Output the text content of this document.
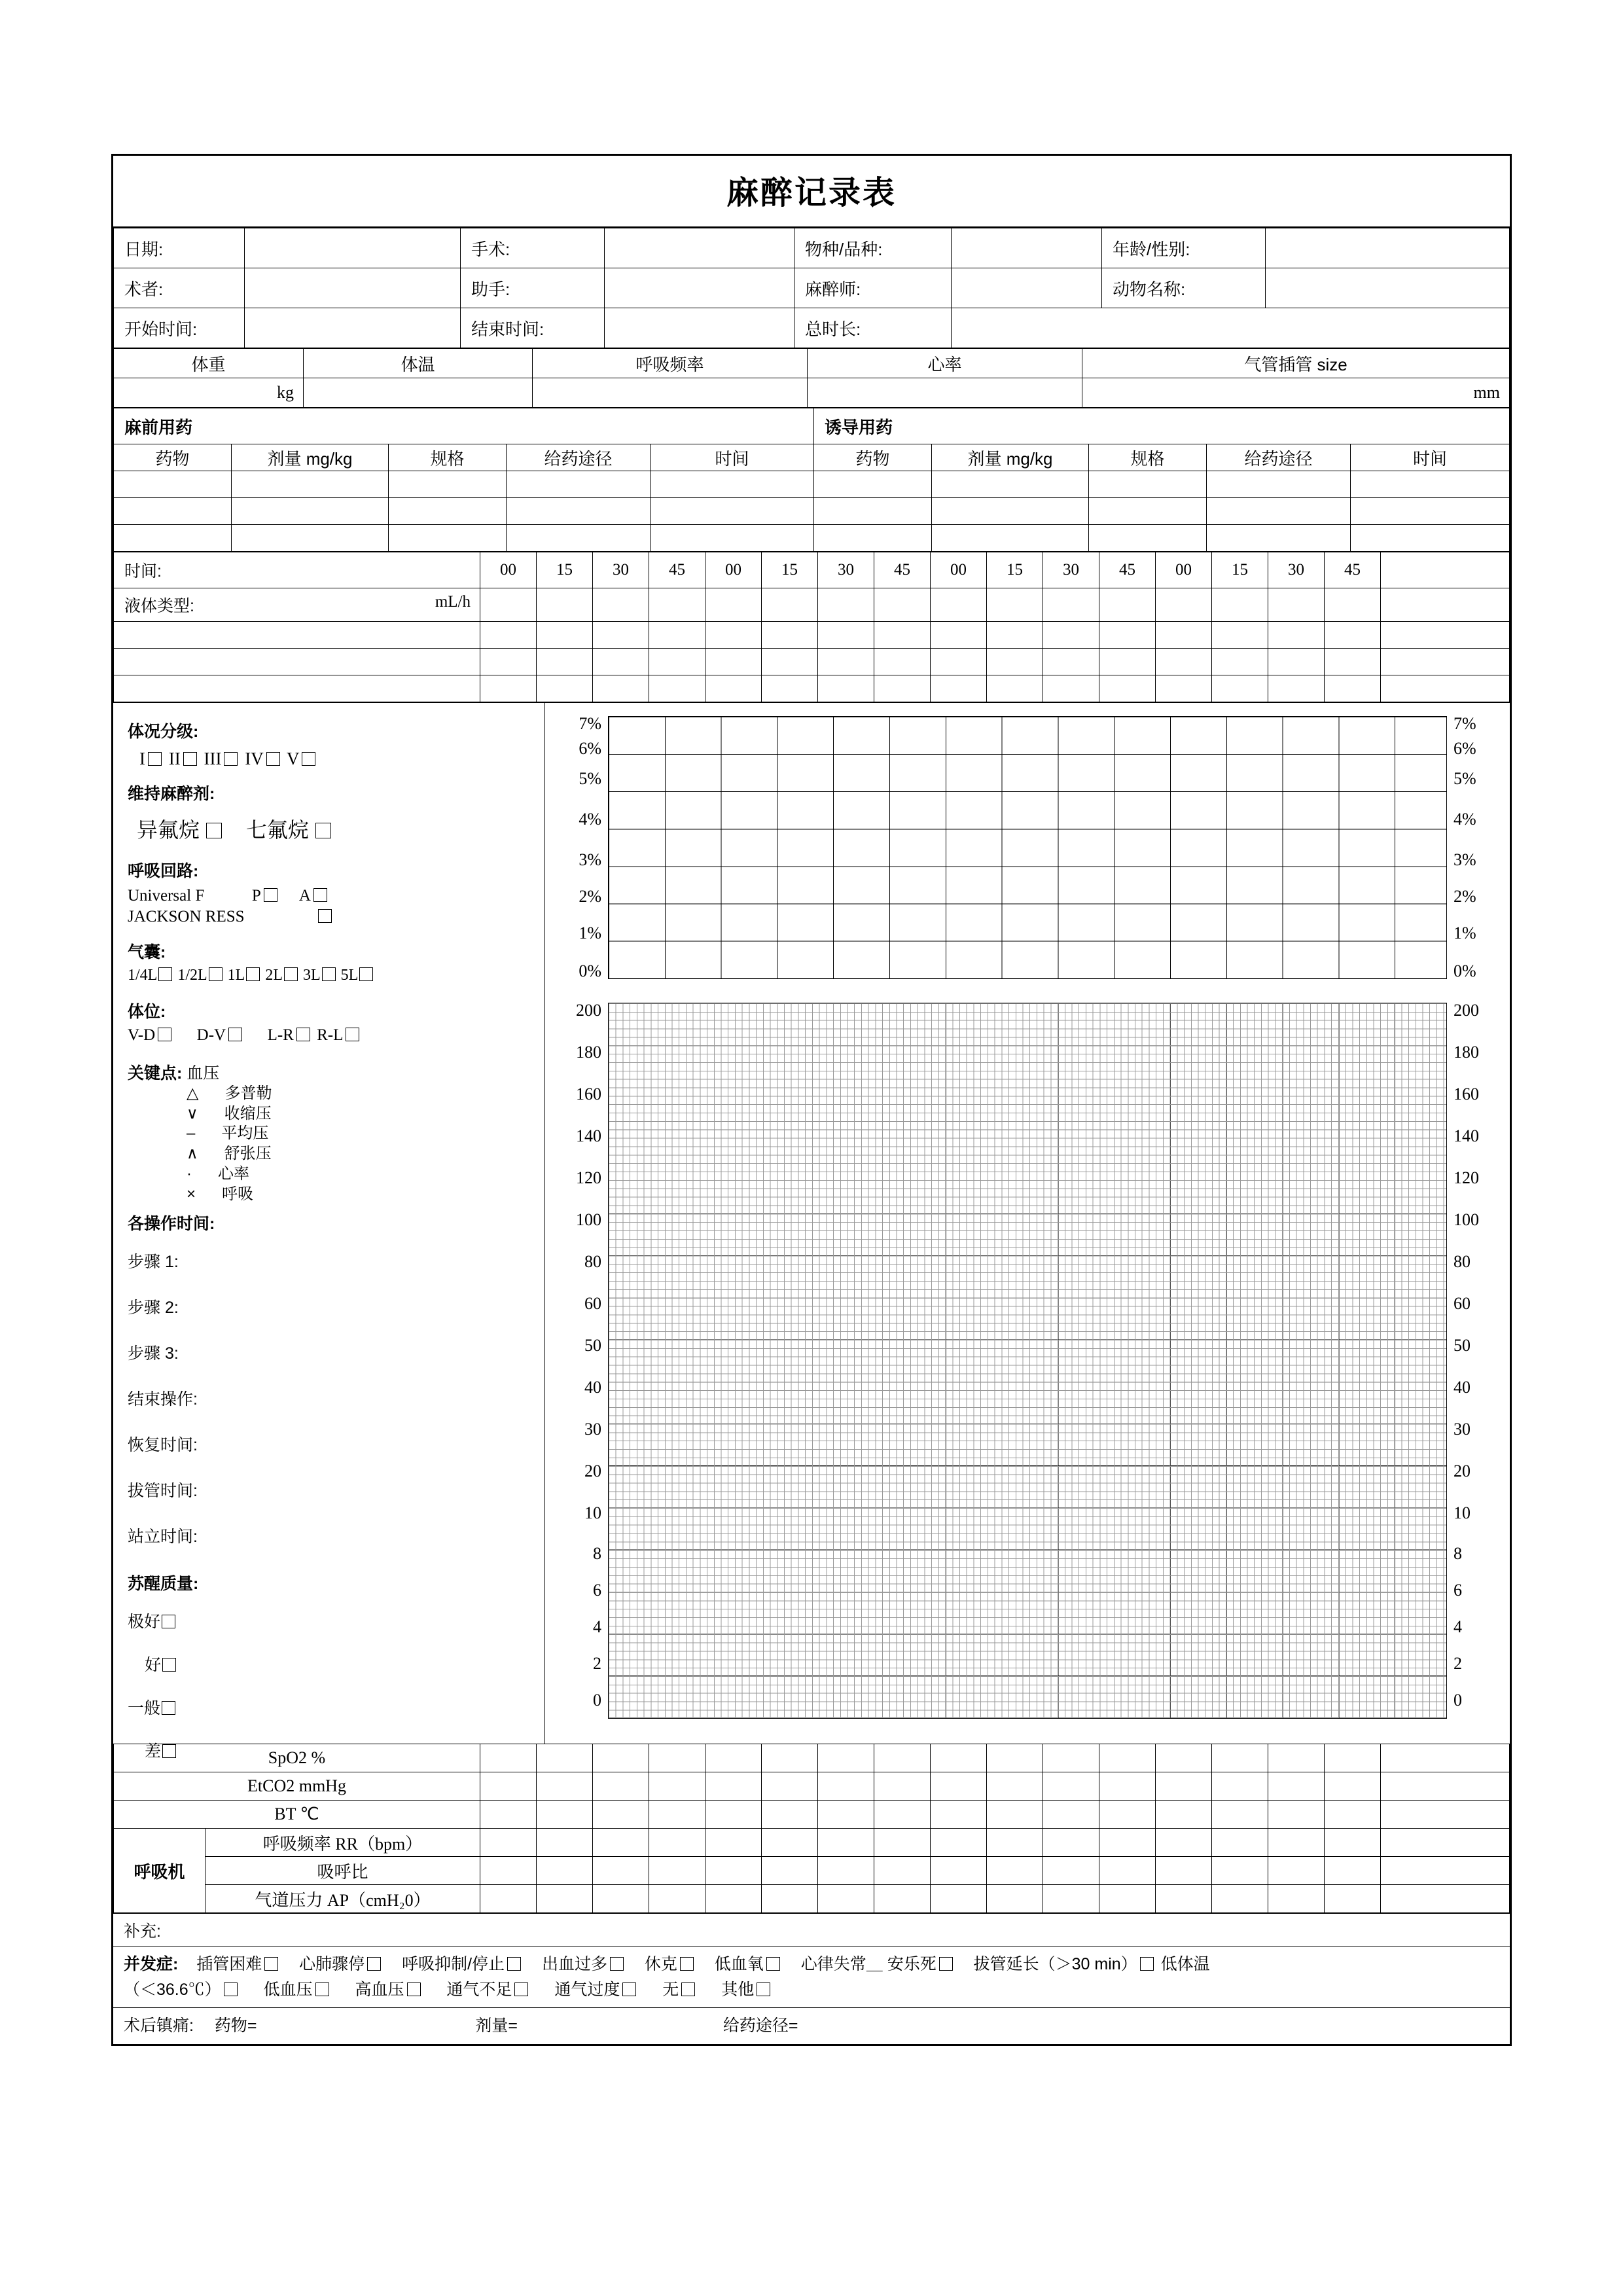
麻醉记录表
日期:		手术:		物种/品种:		年龄/性别:	
术者:		助手:		麻醉师:		动物名称:	
开始时间:		结束时间:		总时长:			
体重	体温	呼吸频率	心率	气管插管 size
kg				mm
麻前用药					诱导用药				
药物	剂量 mg/kg	规格	给药途径	时间	药物	剂量 mg/kg	规格	给药途径	时间

时间:	00	15	30	45	00	15	30	45	00	15	30	45	00	15	30	45	
液体类型: mL/h																	

体况分级:
I II III IV V
维持麻醉剂:
异氟烷 七氟烷
呼吸回路:
Universal F	P A
JACKSON RESS
气囊:
1/4L 1/2L 1L 2L 3L 5L
体位:
V-D	D-V	L-R R-L
关键点: 血压
△ 多普勒
∨ 收缩压
– 平均压
∧ 舒张压
· 心率
× 呼吸
各操作时间:
步骤 1:
步骤 2:
步骤 3:
结束操作:
恢复时间:
拔管时间:
站立时间:
苏醒质量:
极好
好
一般
差
7%
6%
5%
4%
3%
2%
1%
0%
200
180
160
140
120
100
80
60
50
40
30
20
10
8
6
4
2
0
7%
6%
5%
4%
3%
2%
1%
0%
200
180
160
140
120
100
80
60
50
40
30
20
10
8
6
4
2
0
SpO2 %																		
EtCO2 mmHg																		
BT ℃																		
呼吸机	呼吸频率 RR（bpm）																	
	吸呼比																	
	气道压力 AP（cmH₂0）																	
补充:
并发症: 插管困难 心肺骤停 呼吸抑制/停止 出血过多 休克 低血氧 心律失常＿ 安乐死 拔管延长（＞30 min） 低体温
（＜36.6℃）	低血压	高血压	通气不足	通气过度	无	其他
术后镇痛: 药物=	剂量=	给药途径=
